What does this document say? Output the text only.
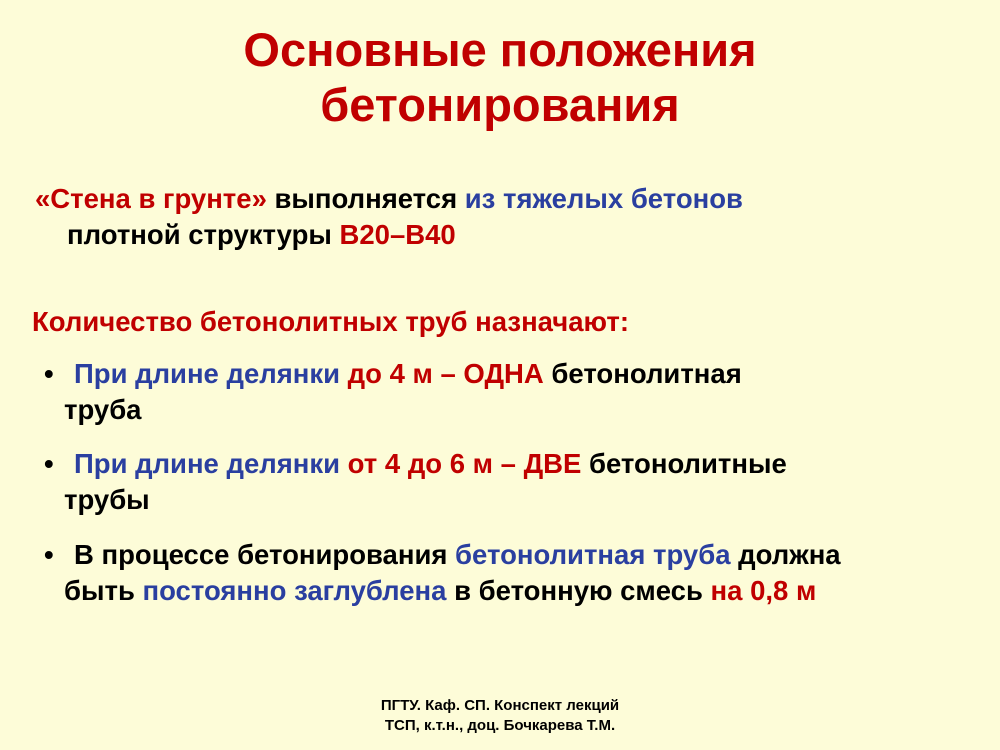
Основные положения
бетонирования
«Стена в грунте» выполняется из тяжелых бетонов
плотной структуры В20–В40
Количество бетонолитных труб назначают:
• При длине делянки до 4 м – ОДНА бетонолитная
труба
• При длине делянки от 4 до 6 м – ДВЕ бетонолитные
трубы
• В процессе бетонирования бетонолитная труба должна
быть постоянно заглублена в бетонную смесь на 0,8 м
ПГТУ. Каф. СП. Конспект лекций
ТСП, к.т.н., доц. Бочкарева Т.М.
